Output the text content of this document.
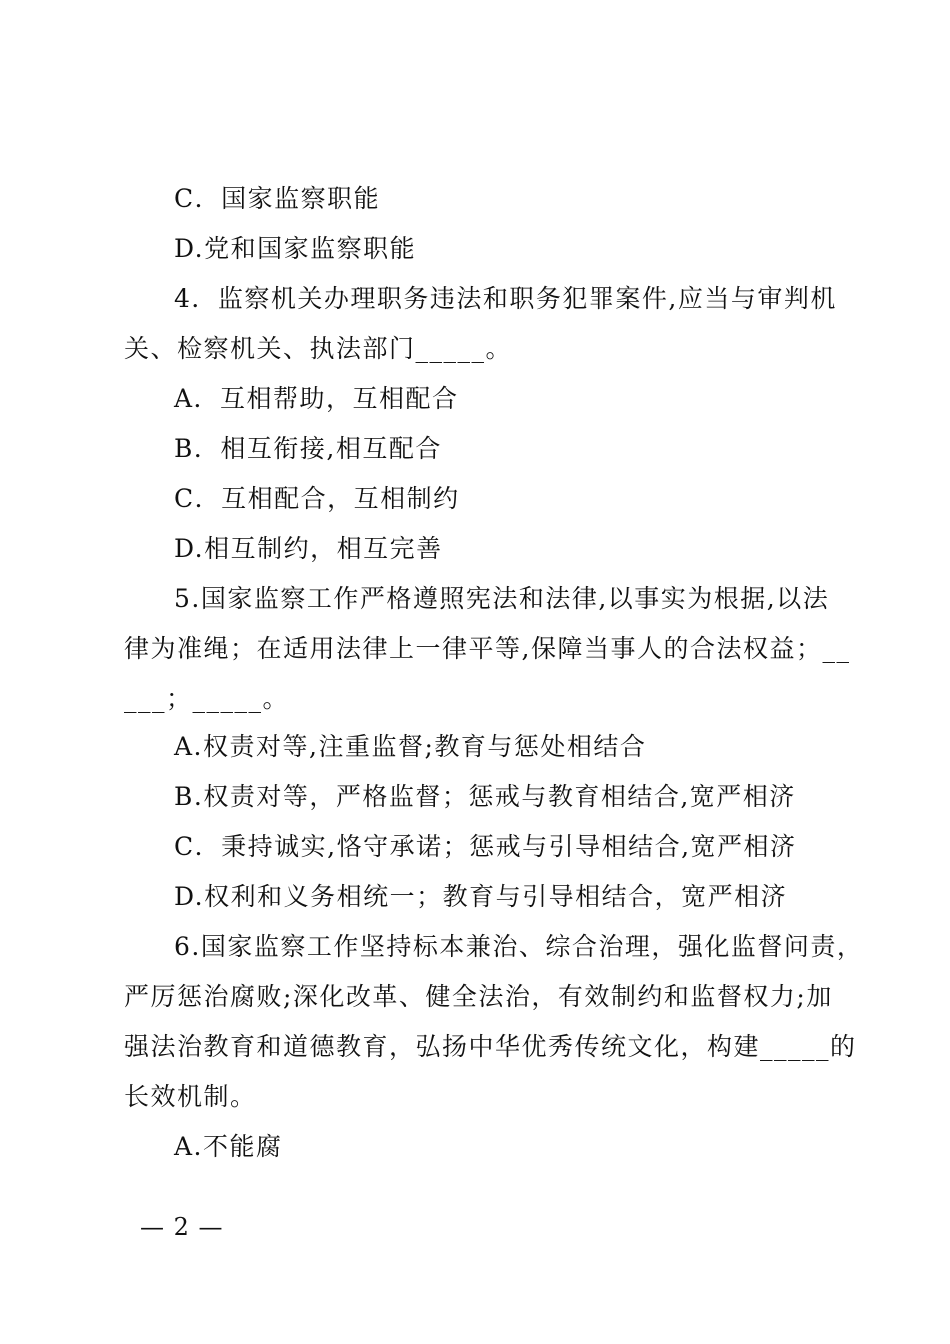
C．国家监察职能
D.党和国家监察职能
4．监察机关办理职务违法和职务犯罪案件,应当与审判机
关、检察机关、执法部门_____。
A．互相帮助，互相配合
B．相互衔接,相互配合
C．互相配合，互相制约
D.相互制约，相互完善
5.国家监察工作严格遵照宪法和法律,以事实为根据,以法
律为准绳；在适用法律上一律平等,保障当事人的合法权益；__
___；_____。
A.权责对等,注重监督;教育与惩处相结合
B.权责对等，严格监督；惩戒与教育相结合,宽严相济
C．秉持诚实,恪守承诺；惩戒与引导相结合,宽严相济
D.权利和义务相统一；教育与引导相结合，宽严相济
6.国家监察工作坚持标本兼治、综合治理，强化监督问责，
严厉惩治腐败;深化改革、健全法治，有效制约和监督权力;加
强法治教育和道德教育，弘扬中华优秀传统文化，构建_____的
长效机制。
A.不能腐
— 2 —
